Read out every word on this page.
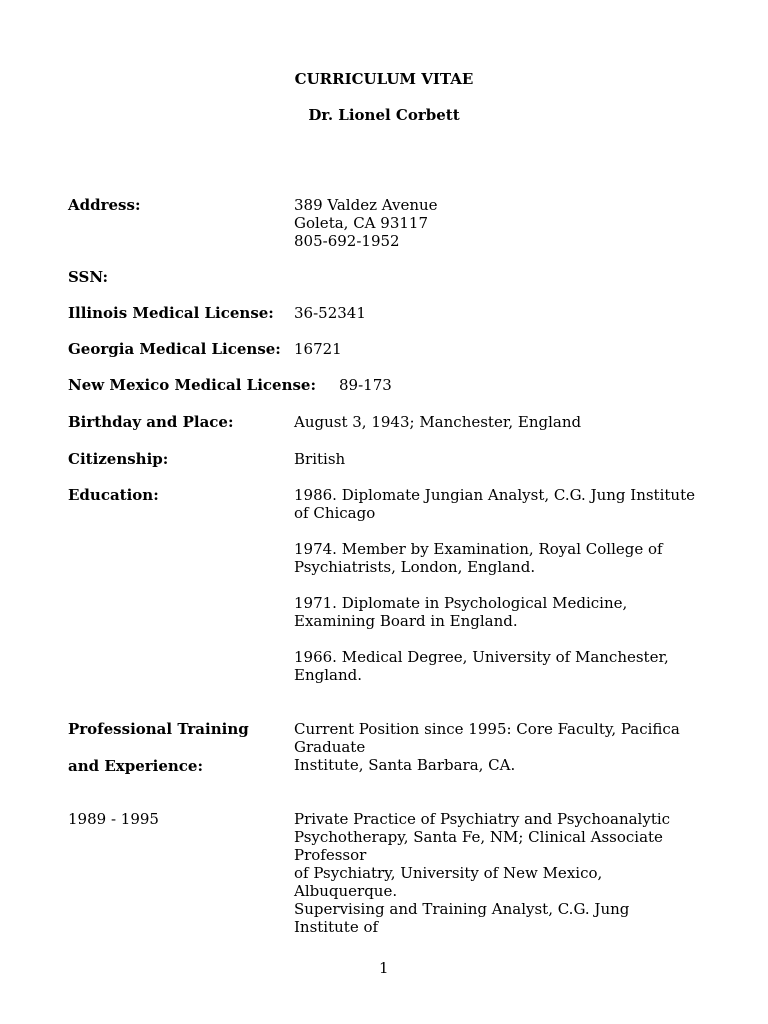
CURRICULUM VITAE
Dr. Lionel Corbett
Address:	389 Valdez Avenue
Goleta, CA 93117
805-692-1952
SSN:
Illinois Medical License: 36-52341
Georgia Medical License: 16721
New Mexico Medical License: 89-173
Birthday and Place:	August 3, 1943; Manchester, England
Citizenship:	British
Education:	1986. Diplomate Jungian Analyst, C.G. Jung Institute
of Chicago
1974. Member by Examination, Royal College of
Psychiatrists, London, England.
1971. Diplomate in Psychological Medicine,
Examining Board in England.
1966. Medical Degree, University of Manchester,
England.
Professional Training
and Experience:
Current Position since 1995: Core Faculty, Pacifica
Graduate
Institute, Santa Barbara, CA.
1989 - 1995	Private Practice of Psychiatry and Psychoanalytic
Psychotherapy, Santa Fe, NM; Clinical Associate
Professor
of Psychiatry, University of New Mexico,
Albuquerque.
Supervising and Training Analyst, C.G. Jung
Institute of
1
